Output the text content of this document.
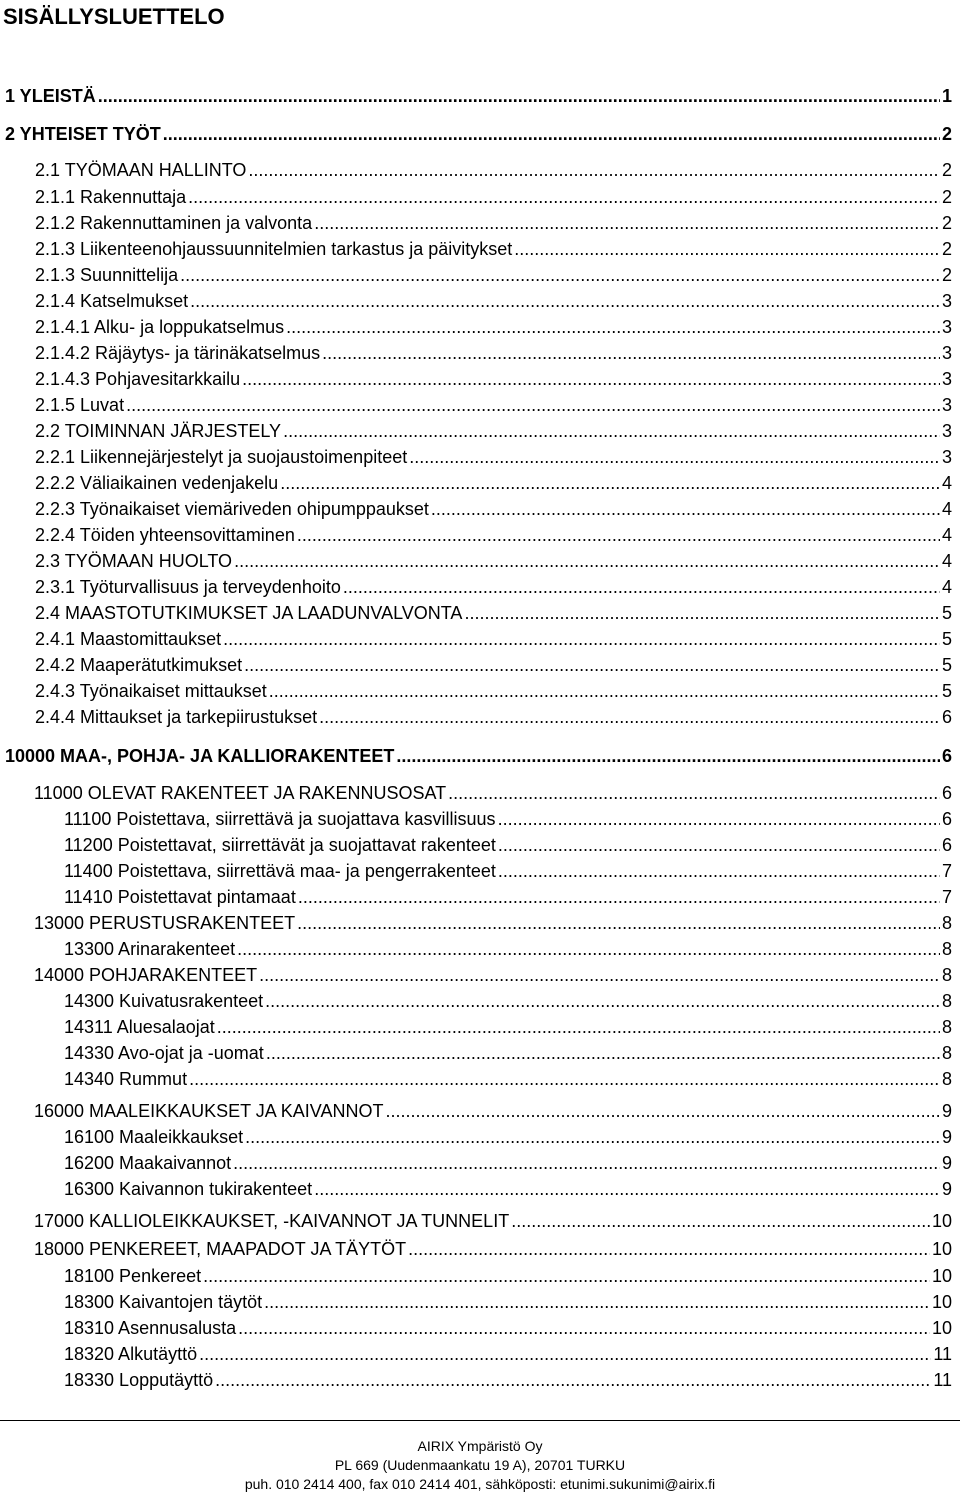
SISÄLLYSLUETTELO
1 YLEISTÄ .....	1
2 YHTEISET TYÖT .....	2
2.1 TYÖMAAN HALLINTO .....	2
2.1.1 Rakennuttaja .....	2
2.1.2 Rakennuttaminen ja valvonta .....	2
2.1.3 Liikenteenohjaussuunnitelmien tarkastus ja päivitykset .....	2
2.1.3 Suunnittelija .....	2
2.1.4 Katselmukset .....	3
2.1.4.1 Alku- ja loppukatselmus .....	3
2.1.4.2 Räjäytys- ja tärinäkatselmus .....	3
2.1.4.3 Pohjavesitarkkailu .....	3
2.1.5 Luvat .....	3
2.2 TOIMINNAN JÄRJESTELY .....	3
2.2.1 Liikennejärjestelyt ja suojaustoimenpiteet .....	3
2.2.2 Väliaikainen vedenjakelu .....	4
2.2.3 Työnaikaiset viemäriveden ohipumppaukset .....	4
2.2.4 Töiden yhteensovittaminen .....	4
2.3 TYÖMAAN HUOLTO .....	4
2.3.1 Työturvallisuus ja terveydenhoito .....	4
2.4 MAASTOTUTKIMUKSET JA LAADUNVALVONTA .....	5
2.4.1 Maastomittaukset .....	5
2.4.2 Maaperätutkimukset .....	5
2.4.3 Työnaikaiset mittaukset .....	5
2.4.4 Mittaukset ja tarkepiirustukset .....	6
10000 MAA-, POHJA- JA KALLIORAKENTEET .....	6
11000 OLEVAT RAKENTEET JA RAKENNUSOSAT .....	6
11100 Poistettava, siirrettävä ja suojattava kasvillisuus .....	6
11200 Poistettavat, siirrettävät ja suojattavat rakenteet .....	6
11400 Poistettava, siirrettävä maa- ja pengerrakenteet .....	7
11410 Poistettavat pintamaat .....	7
13000 PERUSTUSRAKENTEET .....	8
13300 Arinarakenteet .....	8
14000 POHJARAKENTEET .....	8
14300 Kuivatusrakenteet .....	8
14311 Aluesalaojat .....	8
14330 Avo-ojat ja -uomat .....	8
14340 Rummut .....	8
16000 MAALEIKKAUKSET JA KAIVANNOT .....	9
16100 Maaleikkaukset .....	9
16200 Maakaivannot .....	9
16300 Kaivannon tukirakenteet .....	9
17000 KALLIOLEIKKAUKSET, -KAIVANNOT JA TUNNELIT .....	10
18000 PENKEREET, MAAPADOT JA TÄYTÖT .....	10
18100 Penkereet .....	10
18300 Kaivantojen täytöt .....	10
18310 Asennusalusta .....	10
18320 Alkutäyttö .....	11
18330 Lopputäyttö .....	11
AIRIX Ympäristö Oy
PL 669 (Uudenmaankatu 19 A), 20701 TURKU
puh. 010 2414 400, fax 010 2414 401, sähköposti: etunimi.sukunimi@airix.fi
